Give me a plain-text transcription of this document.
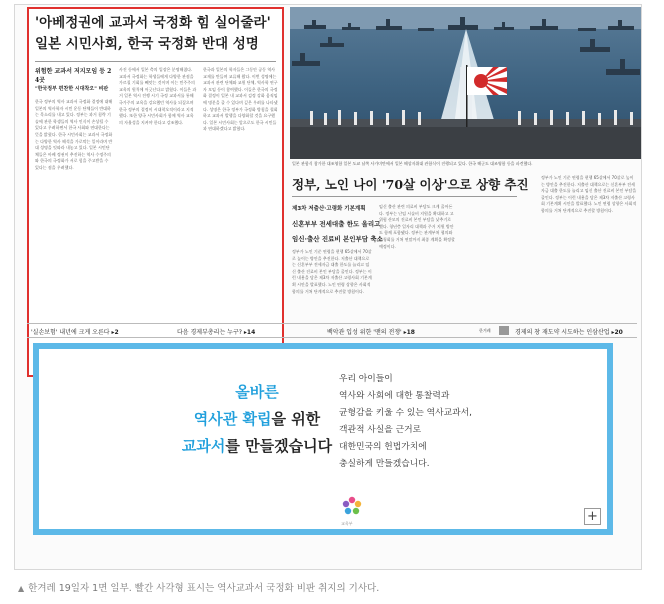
'아베정권에 교과서 국정화 힘 실어줄라'
일본 시민사회, 한국 국정화 반대 성명
위험한 교과서 저지모임 등 24곳
"한국정부 편찬한 시대착오" 비판
한국 정부의 역사 교과서 국정화 결정에 대해 일본의 역사학자 시민 운동 단체들이 반대하는 목소리를 내고 있다. 정부는 과거 침략 기술에 관한 학생들의 역사 인식이 손상될 수 있다고 우려하면서 한국 사회와 연대한다는 뜻을 밝혔다. 한국 시민사회는 교과서 국정화는 다양한 역사 해석을 가로막는 일이라며 반대 성명을 잇따라 내놓고 있다. 일본 시민단체들은 아베 정권이 추진하는 역사 수정주의와 한국의 국정화가 서로 힘을 주고받을 수 있다는 점을 우려했다.
사진 등에서 일본 측의 입장은 분명해졌다. 교과서 국정화는 학생들에게 다양한 관점을 가르칠 기회를 빼앗는 것이며 이는 민주주의 교육의 원칙에 어긋난다고 밝혔다. 이들은 과거 일본 역시 전쟁 시기 국정 교과서를 통해 국가주의 교육을 강요했던 역사를 되짚으며 한국 정부의 결정이 시대착오적이라고 지적했다. 또한 양국 시민사회가 함께 역사 교육의 자율성을 지켜야 한다고 강조했다.
한국과 일본의 학자들은 그동안 공동 역사 교재를 만들며 교류해 왔다. 이번 성명에는 교과서 관련 단체와 교원 단체, 역사학 연구자 모임 등이 참여했다. 이들은 한국의 국정화 결정이 일본 내 교과서 검정 강화 움직임에 명분을 줄 수 있다며 깊은 우려를 나타냈다. 성명은 한국 정부가 국정화 방침을 철회하고 교과서 발행을 다양화할 것을 요구했다. 일본 시민사회는 앞으로도 한국 시민들과 연대하겠다고 밝혔다.
일본 관함식 참가한 대조영함 일본 도쿄 남쪽 사가미만에서 일본 해상자위대 관함식이 진행되고 있다. 한국 해군도 대조영함 등을 파견했다.
정부, 노인 나이 '70살 이상'으로 상향 추진
제3차 저출산·고령화 기본계획
신혼부부 전세대출 한도 올리고
임신·출산 진료비 본인부담 축소
정부가 노인 기준 연령을 현행 65살에서 70살로 높이는 방안을 추진한다. 저출산 대책으로는 신혼부부 전세자금 대출 한도를 늘리고 임신 출산 진료비 본인 부담을 줄인다. 정부는 이런 내용을 담은 제3차 저출산 고령사회 기본계획 시안을 발표했다. 노인 연령 상향은 사회적 합의를 거쳐 단계적으로 추진할 방침이다.
임신 출산 관련 의료비 부담도 크게 줄어든다. 정부는 난임 시술비 지원을 확대하고 고위험 산모의 진료비 본인 부담을 낮추기로 했다. 청년층 일자리 대책과 주거 지원 방안도 함께 포함됐다. 정부는 관계부처 협의와 공청회를 거쳐 연말까지 최종 계획을 확정할 예정이다.
정부가 노인 기준 연령을 현행 65살에서 70살로 높이는 방안을 추진한다. 저출산 대책으로는 신혼부부 전세자금 대출 한도를 늘리고 임신 출산 진료비 본인 부담을 줄인다. 정부는 이런 내용을 담은 제3차 저출산 고령사회 기본계획 시안을 발표했다. 노인 연령 상향은 사회적 합의를 거쳐 단계적으로 추진할 방침이다.
'실손보험' 내년에 크게 오른다 ▸2	다음 경제부총리는 누구? ▸14	백악관 입성 위한 '맨의 전쟁' ▸18	한겨레	경제의 창 재도약 시도하는 인삼산업 ▸20
올바른
역사관 확립을 위한
교과서를 만들겠습니다
우리 아이들이
역사와 사회에 대한 통찰력과
균형감을 키울 수 있는 역사교과서,
객관적 사실을 근거로
대한민국의 헌법가치에
충실하게 만들겠습니다.
교육부	+
▲ 한겨레 19일자 1면 일부. 빨간 사각형 표시는 역사교과서 국정화 비판 취지의 기사다.
